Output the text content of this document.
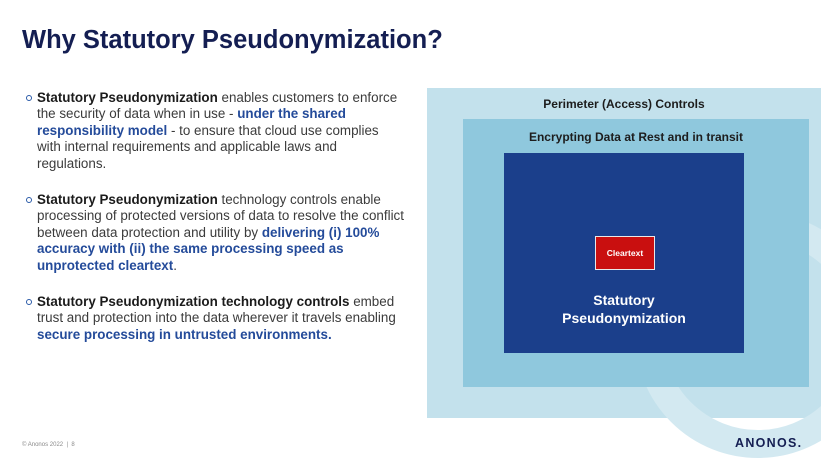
Why Statutory Pseudonymization?
Statutory Pseudonymization enables customers to enforce the security of data when in use - under the shared responsibility model - to ensure that cloud use complies with internal requirements and applicable laws and regulations.
Statutory Pseudonymization technology controls enable processing of protected versions of data to resolve the conflict between data protection and utility by delivering (i) 100% accuracy with (ii) the same processing speed as unprotected cleartext.
Statutory Pseudonymization technology controls embed trust and protection into the data wherever it travels enabling secure processing in untrusted environments.
Perimeter (Access) Controls
Encrypting Data at Rest and in transit
Cleartext
Statutory
Pseudonymization
© Anonos 2022 | 8	ANONOS.
